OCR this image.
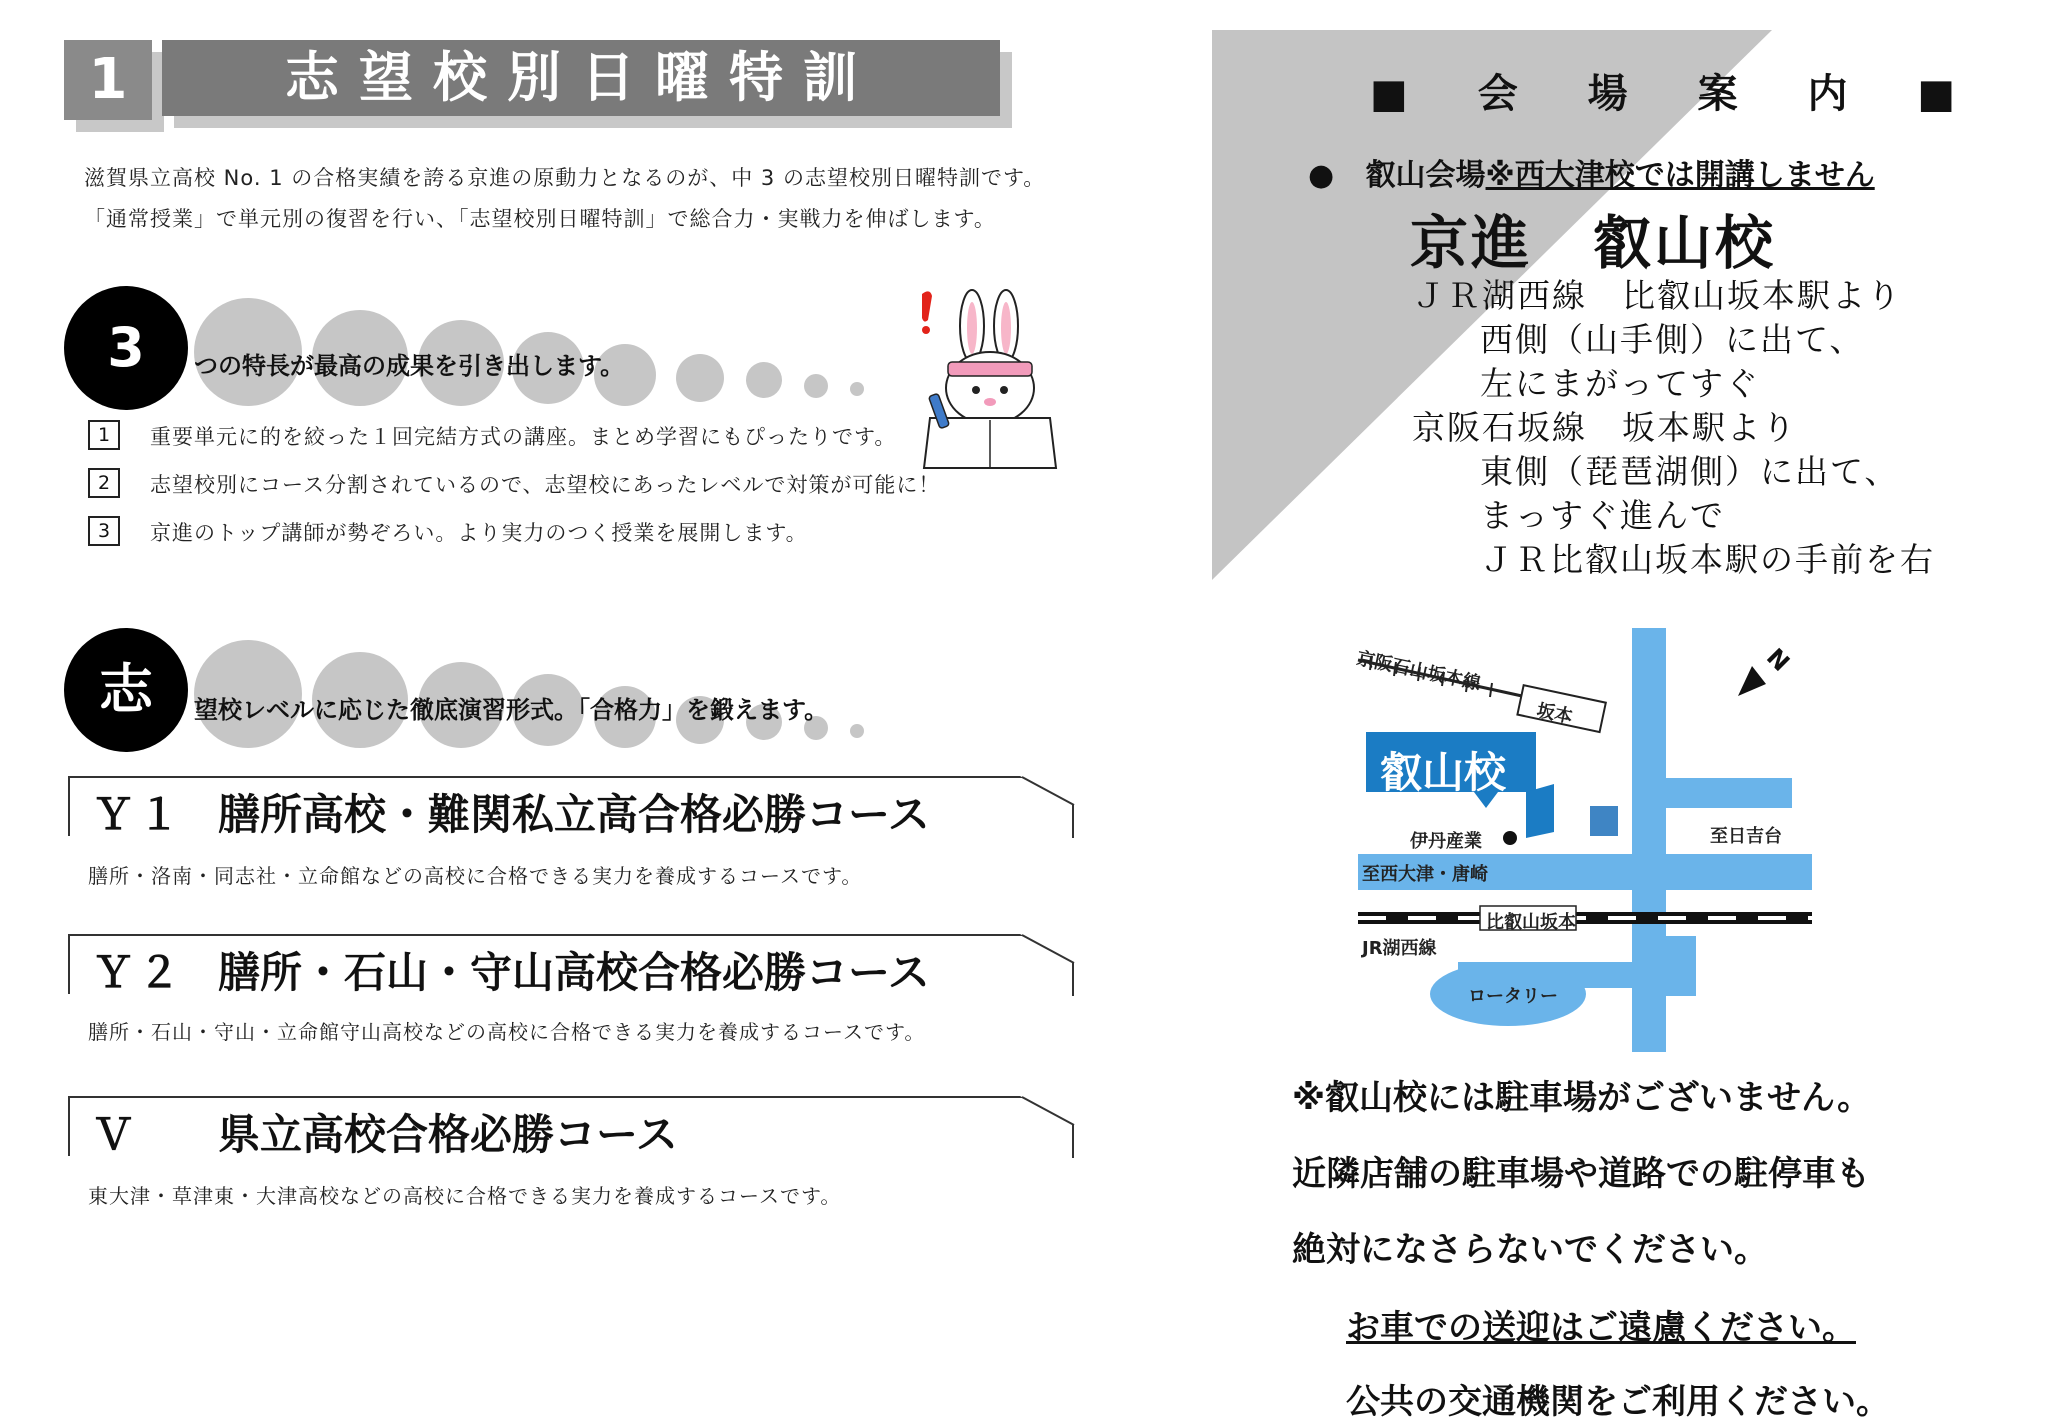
1	志望校別日曜特訓
滋賀県立高校 No. 1 の合格実績を誇る京進の原動力となるのが、中 3 の志望校別日曜特訓です。「通常授業」で単元別の復習を行い、「志望校別日曜特訓」で総合力・実戦力を伸ばします。
3	つの特長が最高の成果を引き出します。
1	重要単元に的を絞った１回完結方式の講座。まとめ学習にもぴったりです。
2	志望校別にコース分割されているので、志望校にあったレベルで対策が可能に！
3	京進のトップ講師が勢ぞろい。より実力のつく授業を展開します。
志	望校レベルに応じた徹底演習形式。「合格力」を鍛えます。
Ｙ１ 膳所高校・難関私立高合格必勝コース
膳所・洛南・同志社・立命館などの高校に合格できる実力を養成するコースです。
Ｙ２ 膳所・石山・守山高校合格必勝コース
膳所・石山・守山・立命館守山高校などの高校に合格できる実力を養成するコースです。
Ｖ 県立高校合格必勝コース
東大津・草津東・大津高校などの高校に合格できる実力を養成するコースです。
■ 会 場 案 内 ■
● 叡山会場※西大津校では開講しません
京進　叡山校
ＪＲ湖西線　比叡山坂本駅より
西側（山手側）に出て、
左にまがってすぐ
京阪石坂線　坂本駅より
東側（琵琶湖側）に出て、
まっすぐ進んで
ＪＲ比叡山坂本駅の手前を右
京阪石山坂本線
坂本
叡山校
伊丹産業	至日吉台
至西大津・唐崎
比叡山坂本
JR湖西線
ロータリー
N
※叡山校には駐車場がございません。
近隣店舗の駐車場や道路での駐停車も
絶対になさらないでください。
お車での送迎はご遠慮ください。
公共の交通機関をご利用ください。
